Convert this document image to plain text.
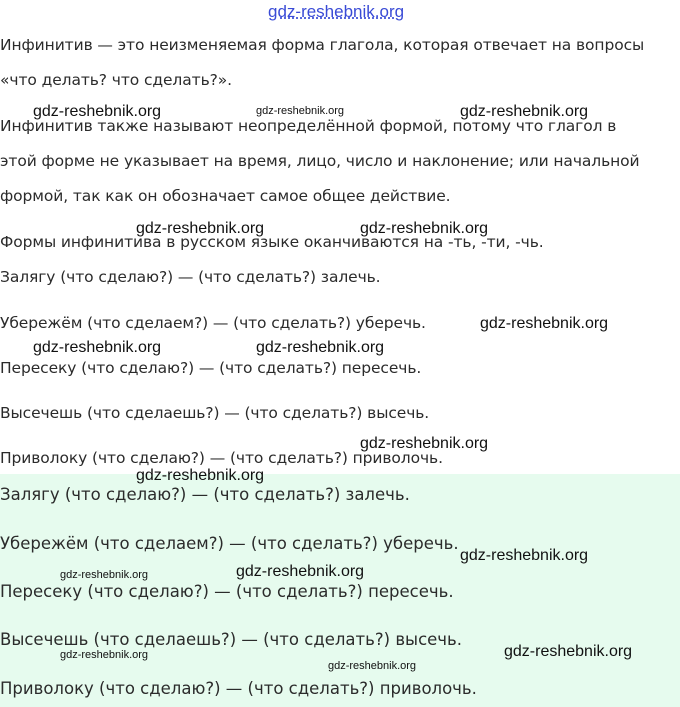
Инфинитив — это неизменяемая форма глагола, которая отвечает на вопросы
«что делать? что сделать?».
Инфинитив также называют неопределённой формой, потому что глагол в
этой форме не указывает на время, лицо, число и наклонение; или начальной
формой, так как он обозначает самое общее действие.
Формы инфинитива в русском языке оканчиваются на -ть, -ти, -чь.
Залягу (что сделаю?) — (что сделать?) залечь.
Убережём (что сделаем?) — (что сделать?) уберечь.
Пересеку (что сделаю?) — (что сделать?) пересечь.
Высечешь (что сделаешь?) — (что сделать?) высечь.
Приволоку (что сделаю?) — (что сделать?) приволочь.
Залягу (что сделаю?) — (что сделать?) залечь.
Убережём (что сделаем?) — (что сделать?) уберечь.
Пересеку (что сделаю?) — (что сделать?) пересечь.
Высечешь (что сделаешь?) — (что сделать?) высечь.
Приволоку (что сделаю?) — (что сделать?) приволочь.
gdz-reshebnik.org
gdz-reshebnik.org	gdz-reshebnik.org	gdz-reshebnik.org
gdz-reshebnik.org	gdz-reshebnik.org
gdz-reshebnik.org
gdz-reshebnik.org	gdz-reshebnik.org
gdz-reshebnik.org
gdz-reshebnik.org
gdz-reshebnik.org
gdz-reshebnik.org	gdz-reshebnik.org
gdz-reshebnik.org	gdz-reshebnik.org
gdz-reshebnik.org
